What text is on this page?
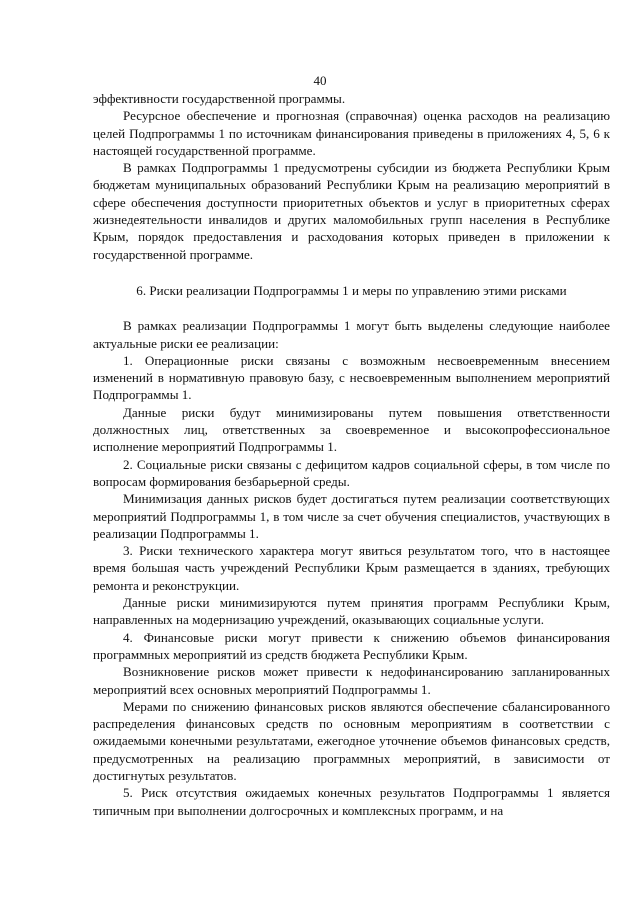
40

эффективности государственной программы.

Ресурсное обеспечение и прогнозная (справочная) оценка расходов на реализацию целей Подпрограммы 1 по источникам финансирования приведены в приложениях 4, 5, 6 к настоящей государственной программе.

В рамках Подпрограммы 1 предусмотрены субсидии из бюджета Республики Крым бюджетам муниципальных образований Республики Крым на реализацию мероприятий в сфере обеспечения доступности приоритетных объектов и услуг в приоритетных сферах жизнедеятельности инвалидов и других маломобильных групп населения в Республике Крым, порядок предоставления и расходования которых приведен в приложении к государственной программе.

6. Риски реализации Подпрограммы 1 и меры по управлению этими рисками

В рамках реализации Подпрограммы 1 могут быть выделены следующие наиболее актуальные риски ее реализации:

1. Операционные риски связаны с возможным несвоевременным внесением изменений в нормативную правовую базу, с несвоевременным выполнением мероприятий Подпрограммы 1.

Данные риски будут минимизированы путем повышения ответственности должностных лиц, ответственных за своевременное и высокопрофессиональное исполнение мероприятий Подпрограммы 1.

2. Социальные риски связаны с дефицитом кадров социальной сферы, в том числе по вопросам формирования безбарьерной среды.

Минимизация данных рисков будет достигаться путем реализации соответствующих мероприятий Подпрограммы 1, в том числе за счет обучения специалистов, участвующих в реализации Подпрограммы 1.

3. Риски технического характера могут явиться результатом того, что в настоящее время большая часть учреждений Республики Крым размещается в зданиях, требующих ремонта и реконструкции.

Данные риски минимизируются путем принятия программ Республики Крым, направленных на модернизацию учреждений, оказывающих социальные услуги.

4. Финансовые риски могут привести к снижению объемов финансирования программных мероприятий из средств бюджета Республики Крым.

Возникновение рисков может привести к недофинансированию запланированных мероприятий всех основных мероприятий Подпрограммы 1.

Мерами по снижению финансовых рисков являются обеспечение сбалансированного распределения финансовых средств по основным мероприятиям в соответствии с ожидаемыми конечными результатами, ежегодное уточнение объемов финансовых средств, предусмотренных на реализацию программных мероприятий, в зависимости от достигнутых результатов.

5. Риск отсутствия ожидаемых конечных результатов Подпрограммы 1 является типичным при выполнении долгосрочных и комплексных программ, и на
